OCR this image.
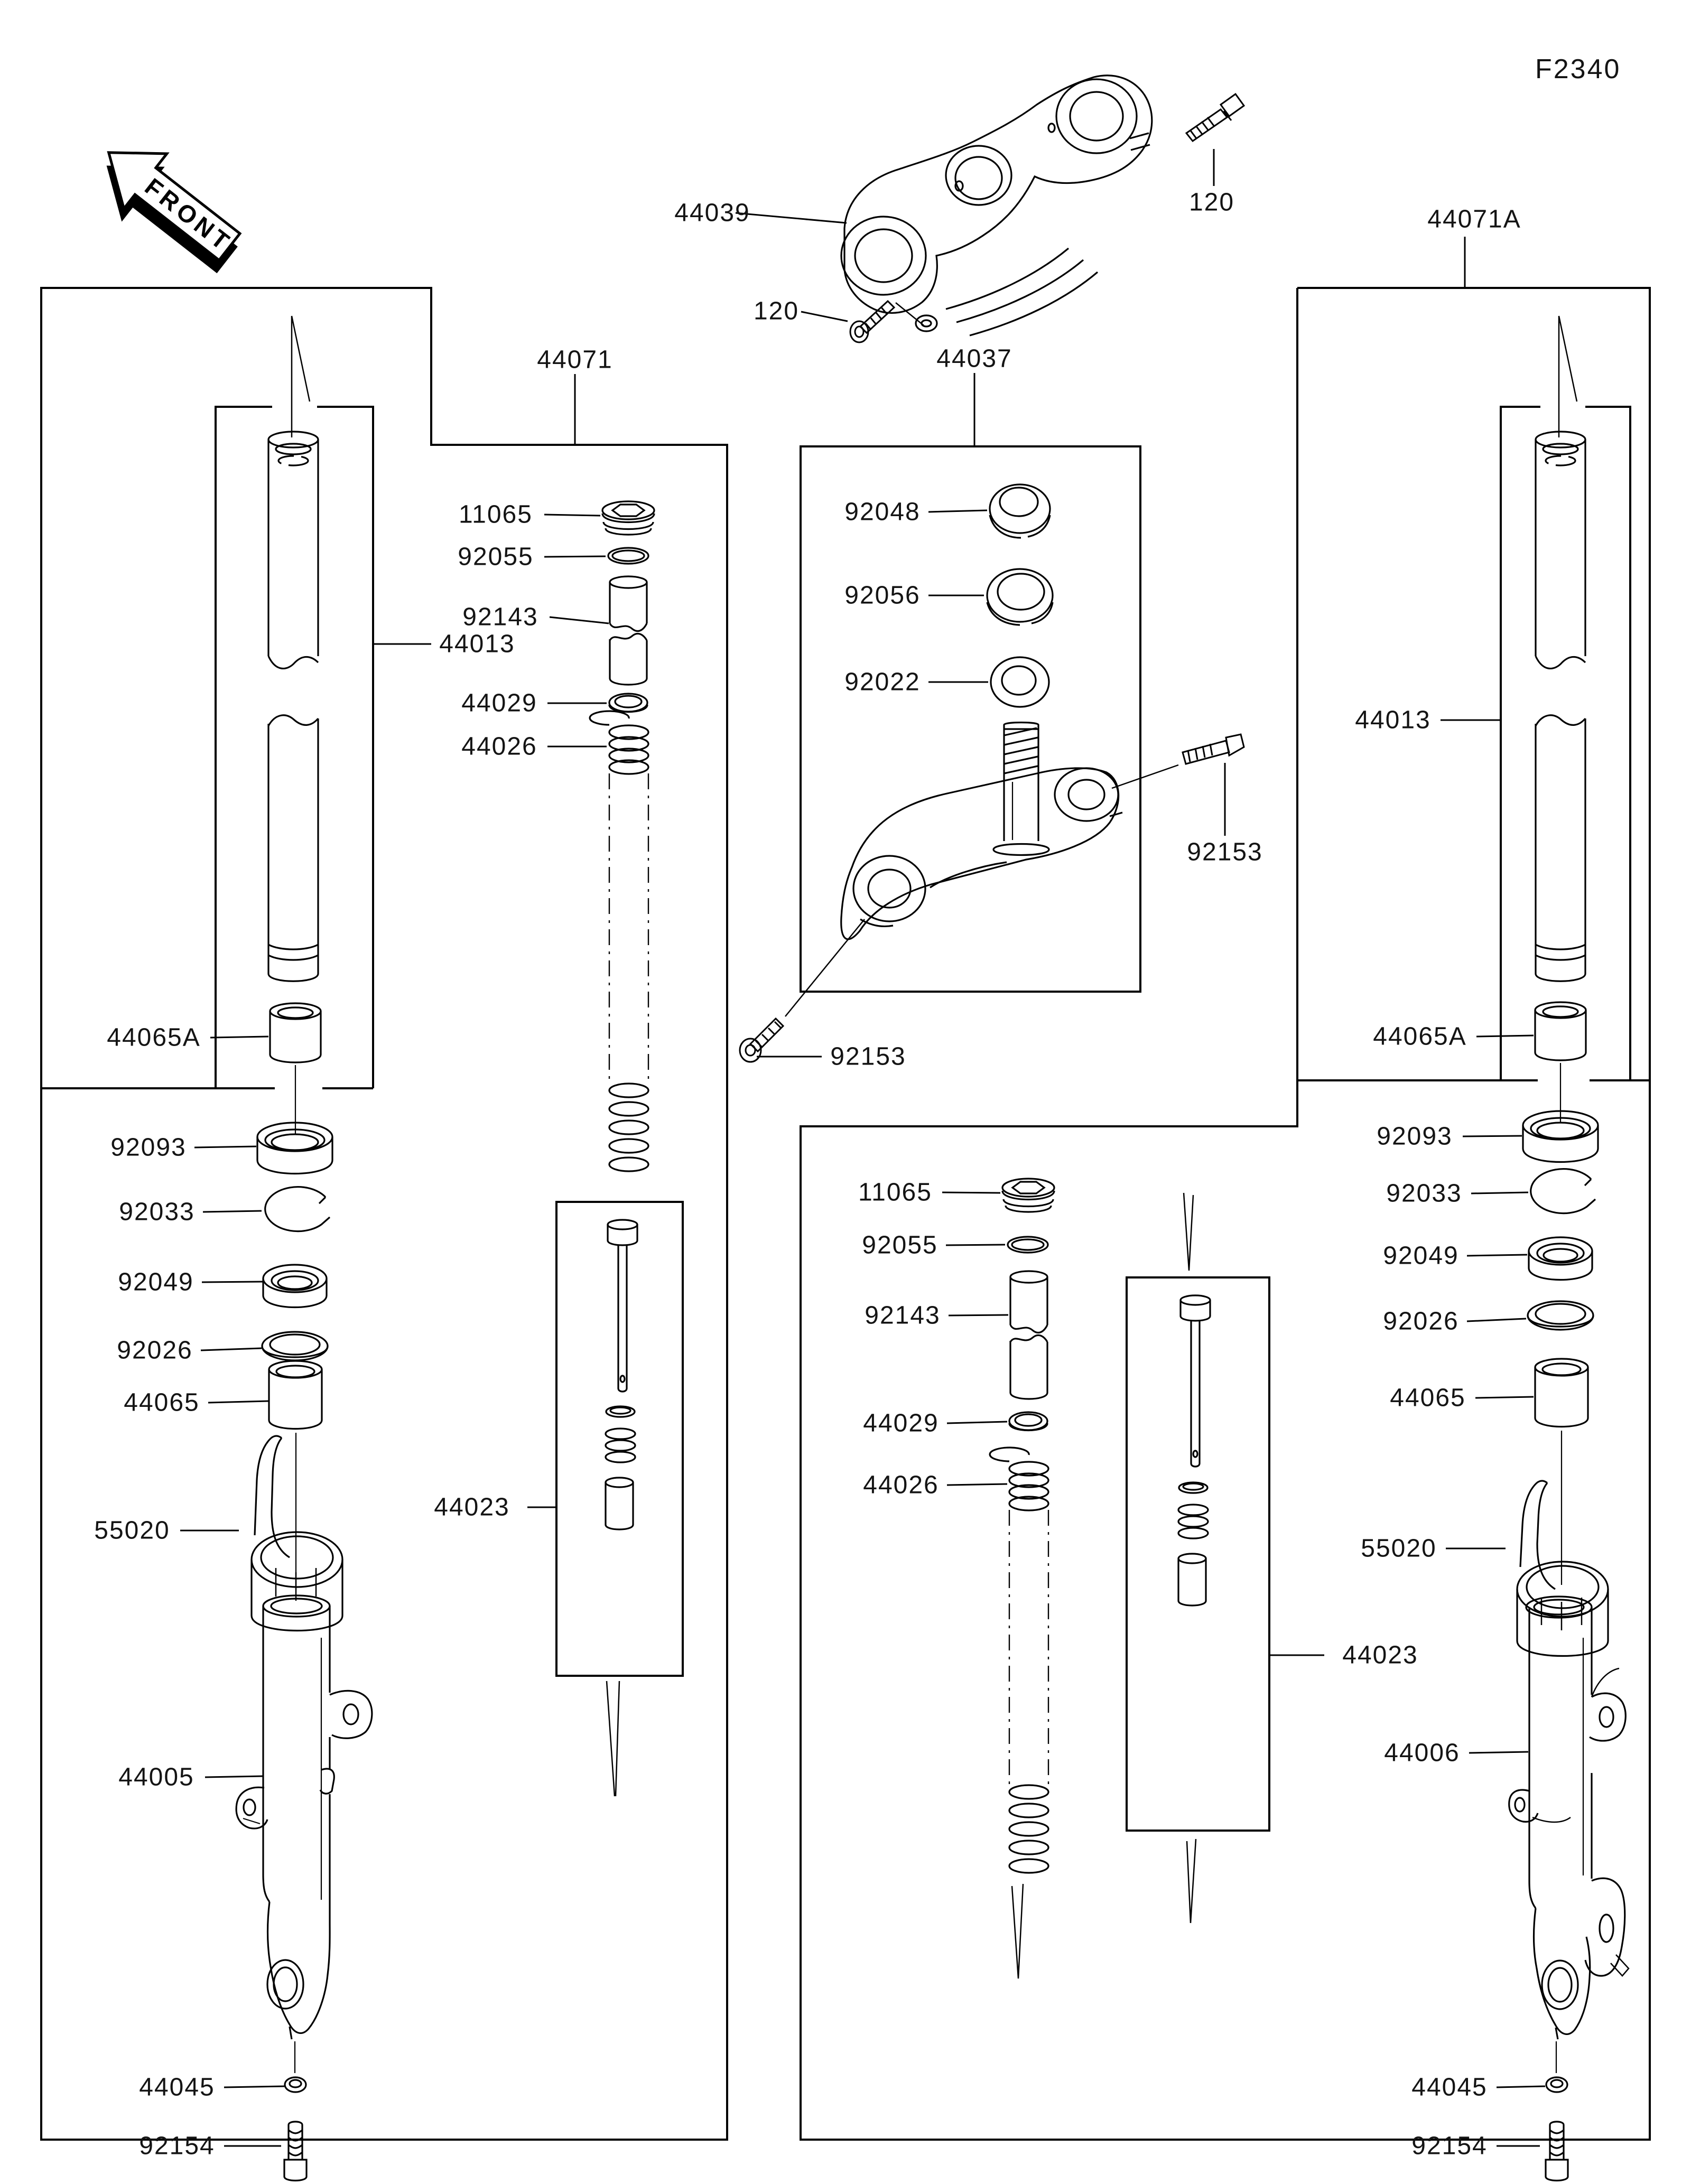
FRONT
F2340
44039	120
120
44071A
44071	44037
92048
92056
92022
11065
92055
92143
44013
44029
44026
92153
92153
44065A
92093
92033
92049
92026
44065
55020
44023
44005
44045
92154
11065
92055
92143
44029
44026
44023
44013
44065A
92093
92033
92049
92026
44065
55020
44006
44045
92154
